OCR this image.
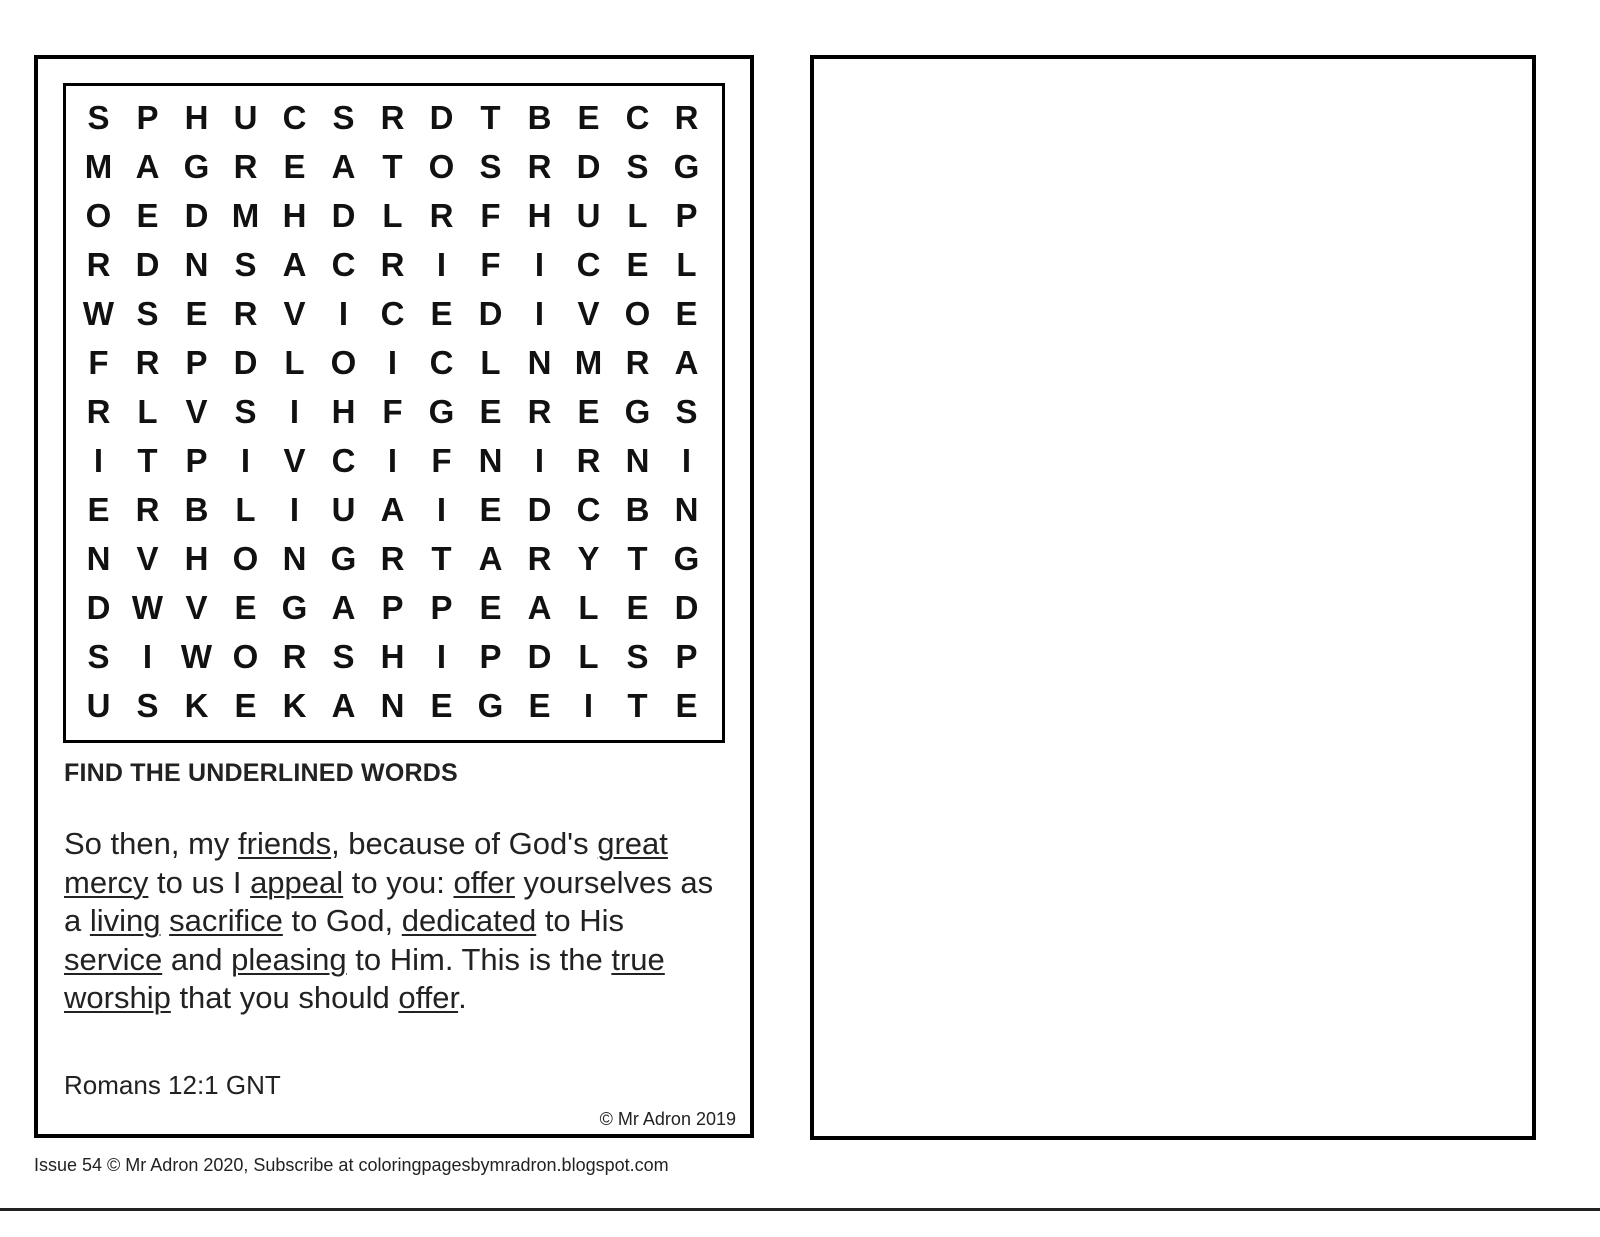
S P H U C S R D T B E C R
M A G R E A T O S R D S G
O E D M H D L R F H U L P
R D N S A C R I	F	I C E L
W S E R V	I C E D I	V O E
F R P D L O I C L N M R A
R L V S	I H F G E R E G S
I	T P	I	V C I	F N I R N I
E R B L	I U A I	E D C B N
N V H O N G R T A R Y T G
D W V E G A P P E A L E D
S	I W O R S H I	P D L S P
U S K E K A N E G E	I	T E

FIND THE UNDERLINED WORDS

So then, my friends, because of God's great mercy to us I appeal to you: offer yourselves as a living sacrifice to God, dedicated to His service and pleasing to Him. This is the true worship that you should offer.

Romans 12:1 GNT

© Mr Adron 2019

Issue 54 © Mr Adron 2020, Subscribe at coloringpagesbymradron.blogspot.com
